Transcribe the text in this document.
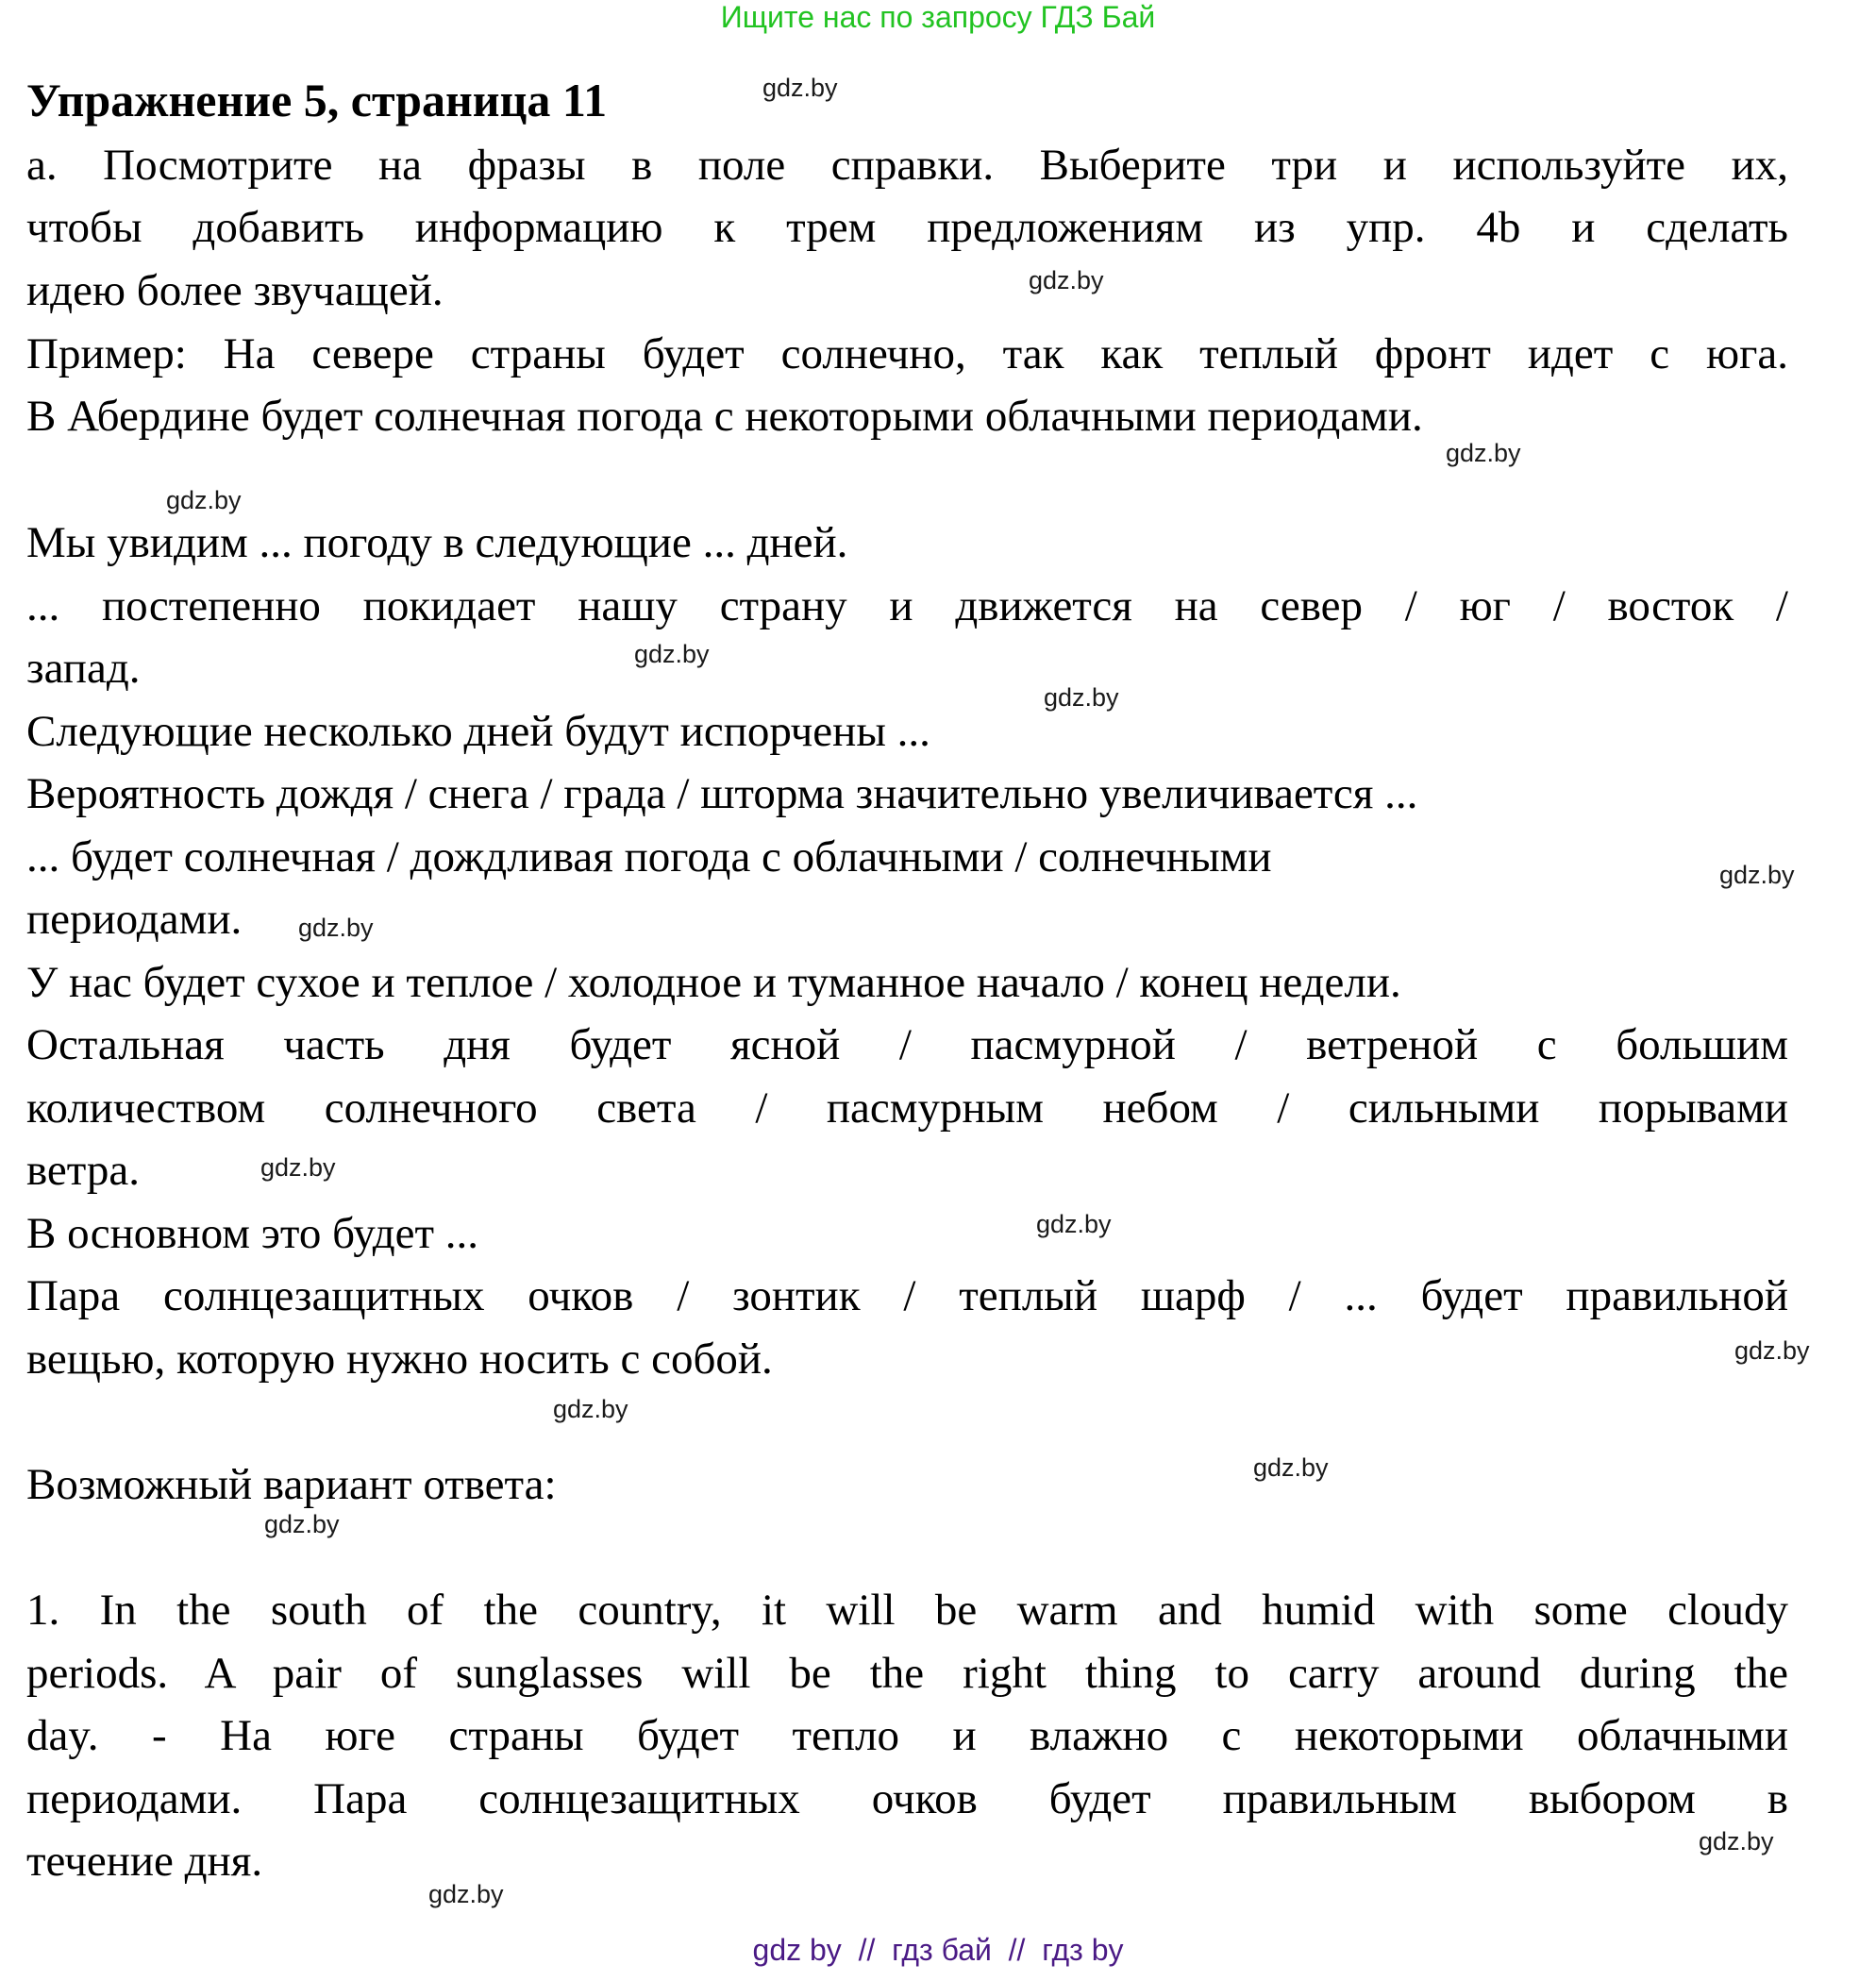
Ищите нас по запросу ГДЗ Бай
Упражнение 5, страница 11
а. Посмотрите на фразы в поле справки. Выберите три и используйте их,
чтобы добавить информацию к трем предложениям из упр. 4b и сделать
идею более звучащей.
Пример: На севере страны будет солнечно, так как теплый фронт идет с юга.
В Абердине будет солнечная погода с некоторыми облачными периодами.
Мы увидим ... погоду в следующие ... дней.
... постепенно покидает нашу страну и движется на север / юг / восток /
запад.
Следующие несколько дней будут испорчены ...
Вероятность дождя / снега / града / шторма значительно увеличивается ...
... будет солнечная / дождливая погода с облачными / солнечными
периодами.
У нас будет сухое и теплое / холодное и туманное начало / конец недели.
Остальная часть дня будет ясной / пасмурной / ветреной с большим
количеством солнечного света / пасмурным небом / сильными порывами
ветра.
В основном это будет ...
Пара солнцезащитных очков / зонтик / теплый шарф / ... будет правильной
вещью, которую нужно носить с собой.
Возможный вариант ответа:
1. In the south of the country, it will be warm and humid with some cloudy
periods. A pair of sunglasses will be the right thing to carry around during the
day. - На юге страны будет тепло и влажно с некоторыми облачными
периодами. Пара солнцезащитных очков будет правильным выбором в
течение дня.
gdz.by
gdz.by
gdz.by
gdz.by
gdz.by
gdz.by
gdz.by
gdz.by
gdz.by
gdz.by
gdz.by
gdz.by
gdz.by
gdz.by
gdz.by
gdz.by
gdz by  //  гдз бай  //  гдз by
